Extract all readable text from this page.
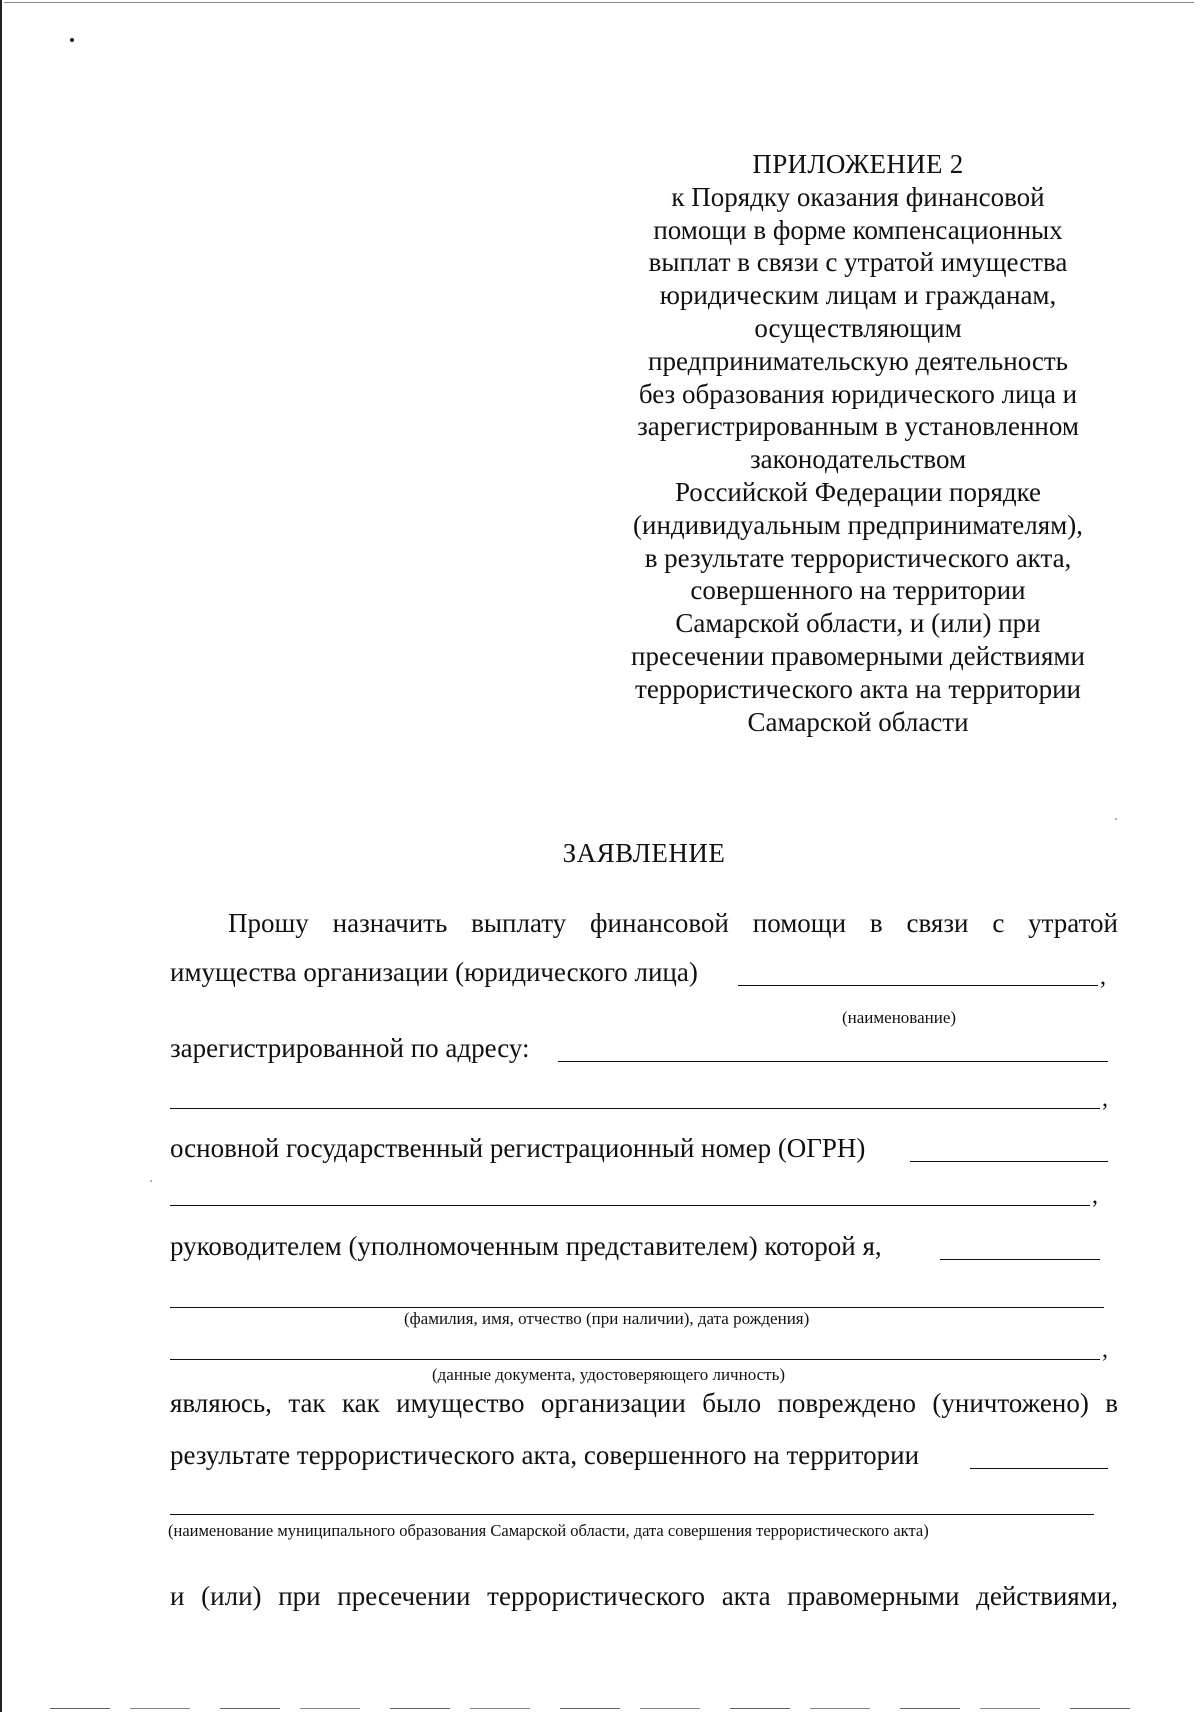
ПРИЛОЖЕНИЕ 2
к Порядку оказания финансовой
помощи в форме компенсационных
выплат в связи с утратой имущества
юридическим лицам и гражданам,
осуществляющим
предпринимательскую деятельность
без образования юридического лица и
зарегистрированным в установленном
законодательством
Российской Федерации порядке
(индивидуальным предпринимателям),
в результате террористического акта,
совершенного на территории
Самарской области, и (или) при
пресечении правомерными действиями
террористического акта на территории
Самарской области
ЗАЯВЛЕНИЕ
Прошу назначить выплату финансовой помощи в связи с утратой
имущества организации (юридического лица)	,
(наименование)
зарегистрированной по адресу:
,
основной государственный регистрационный номер (ОГРН)
,
руководителем (уполномоченным представителем) которой я,
(фамилия, имя, отчество (при наличии), дата рождения)
,
(данные документа, удостоверяющего личность)
являюсь, так как имущество организации было повреждено (уничтожено) в
результате террористического акта, совершенного на территории
(наименование муниципального образования Самарской области, дата совершения террористического акта)
и (или) при пресечении террористического акта правомерными действиями,
